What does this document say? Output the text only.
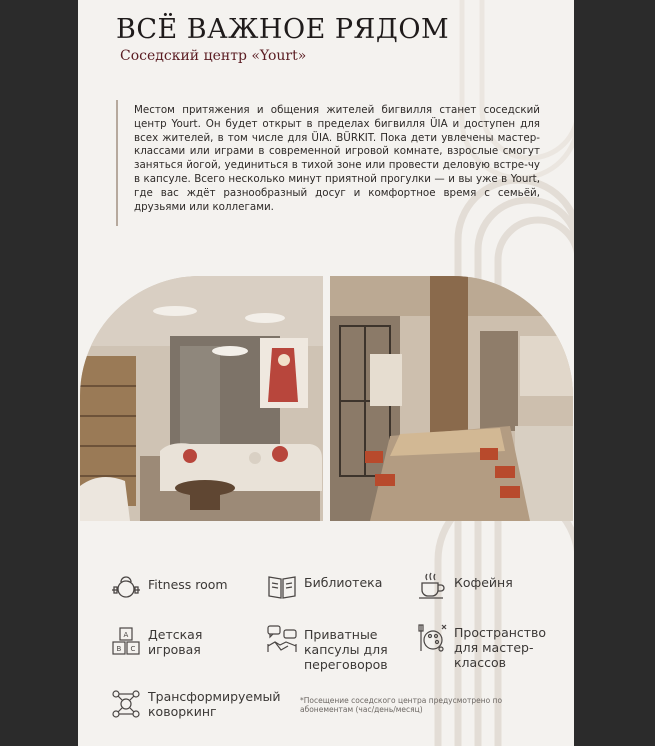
ВСЁ ВАЖНОЕ РЯДОМ
Соседский центр «Yourt»

Местом притяжения и общения жителей бигвилля станет соседский центр Yourt. Он будет открыт в пределах бигвилля ÜIA и доступен для всех жителей, в том числе для ÜIA. BÜRKIT. Пока дети увлечены мастер-классами или играми в современной игровой комнате, взрослые смогут заняться йогой, уединиться в тихой зоне или провести деловую встре-чу в капсуле. Всего несколько минут приятной прогулки — и вы уже в Yourt, где вас ждёт разнообразный досуг и комфортное время с семьёй, друзьями или коллегами.

Fitness room	Библиотека	Кофейня
A
B C
Детская
игровая
Приватные
капсулы для
переговоров
Пространство
для мастер-
классов
Трансформируемый
коворкинг
*Посещение соседского центра предусмотрено по абонементам (час/день/месяц)
